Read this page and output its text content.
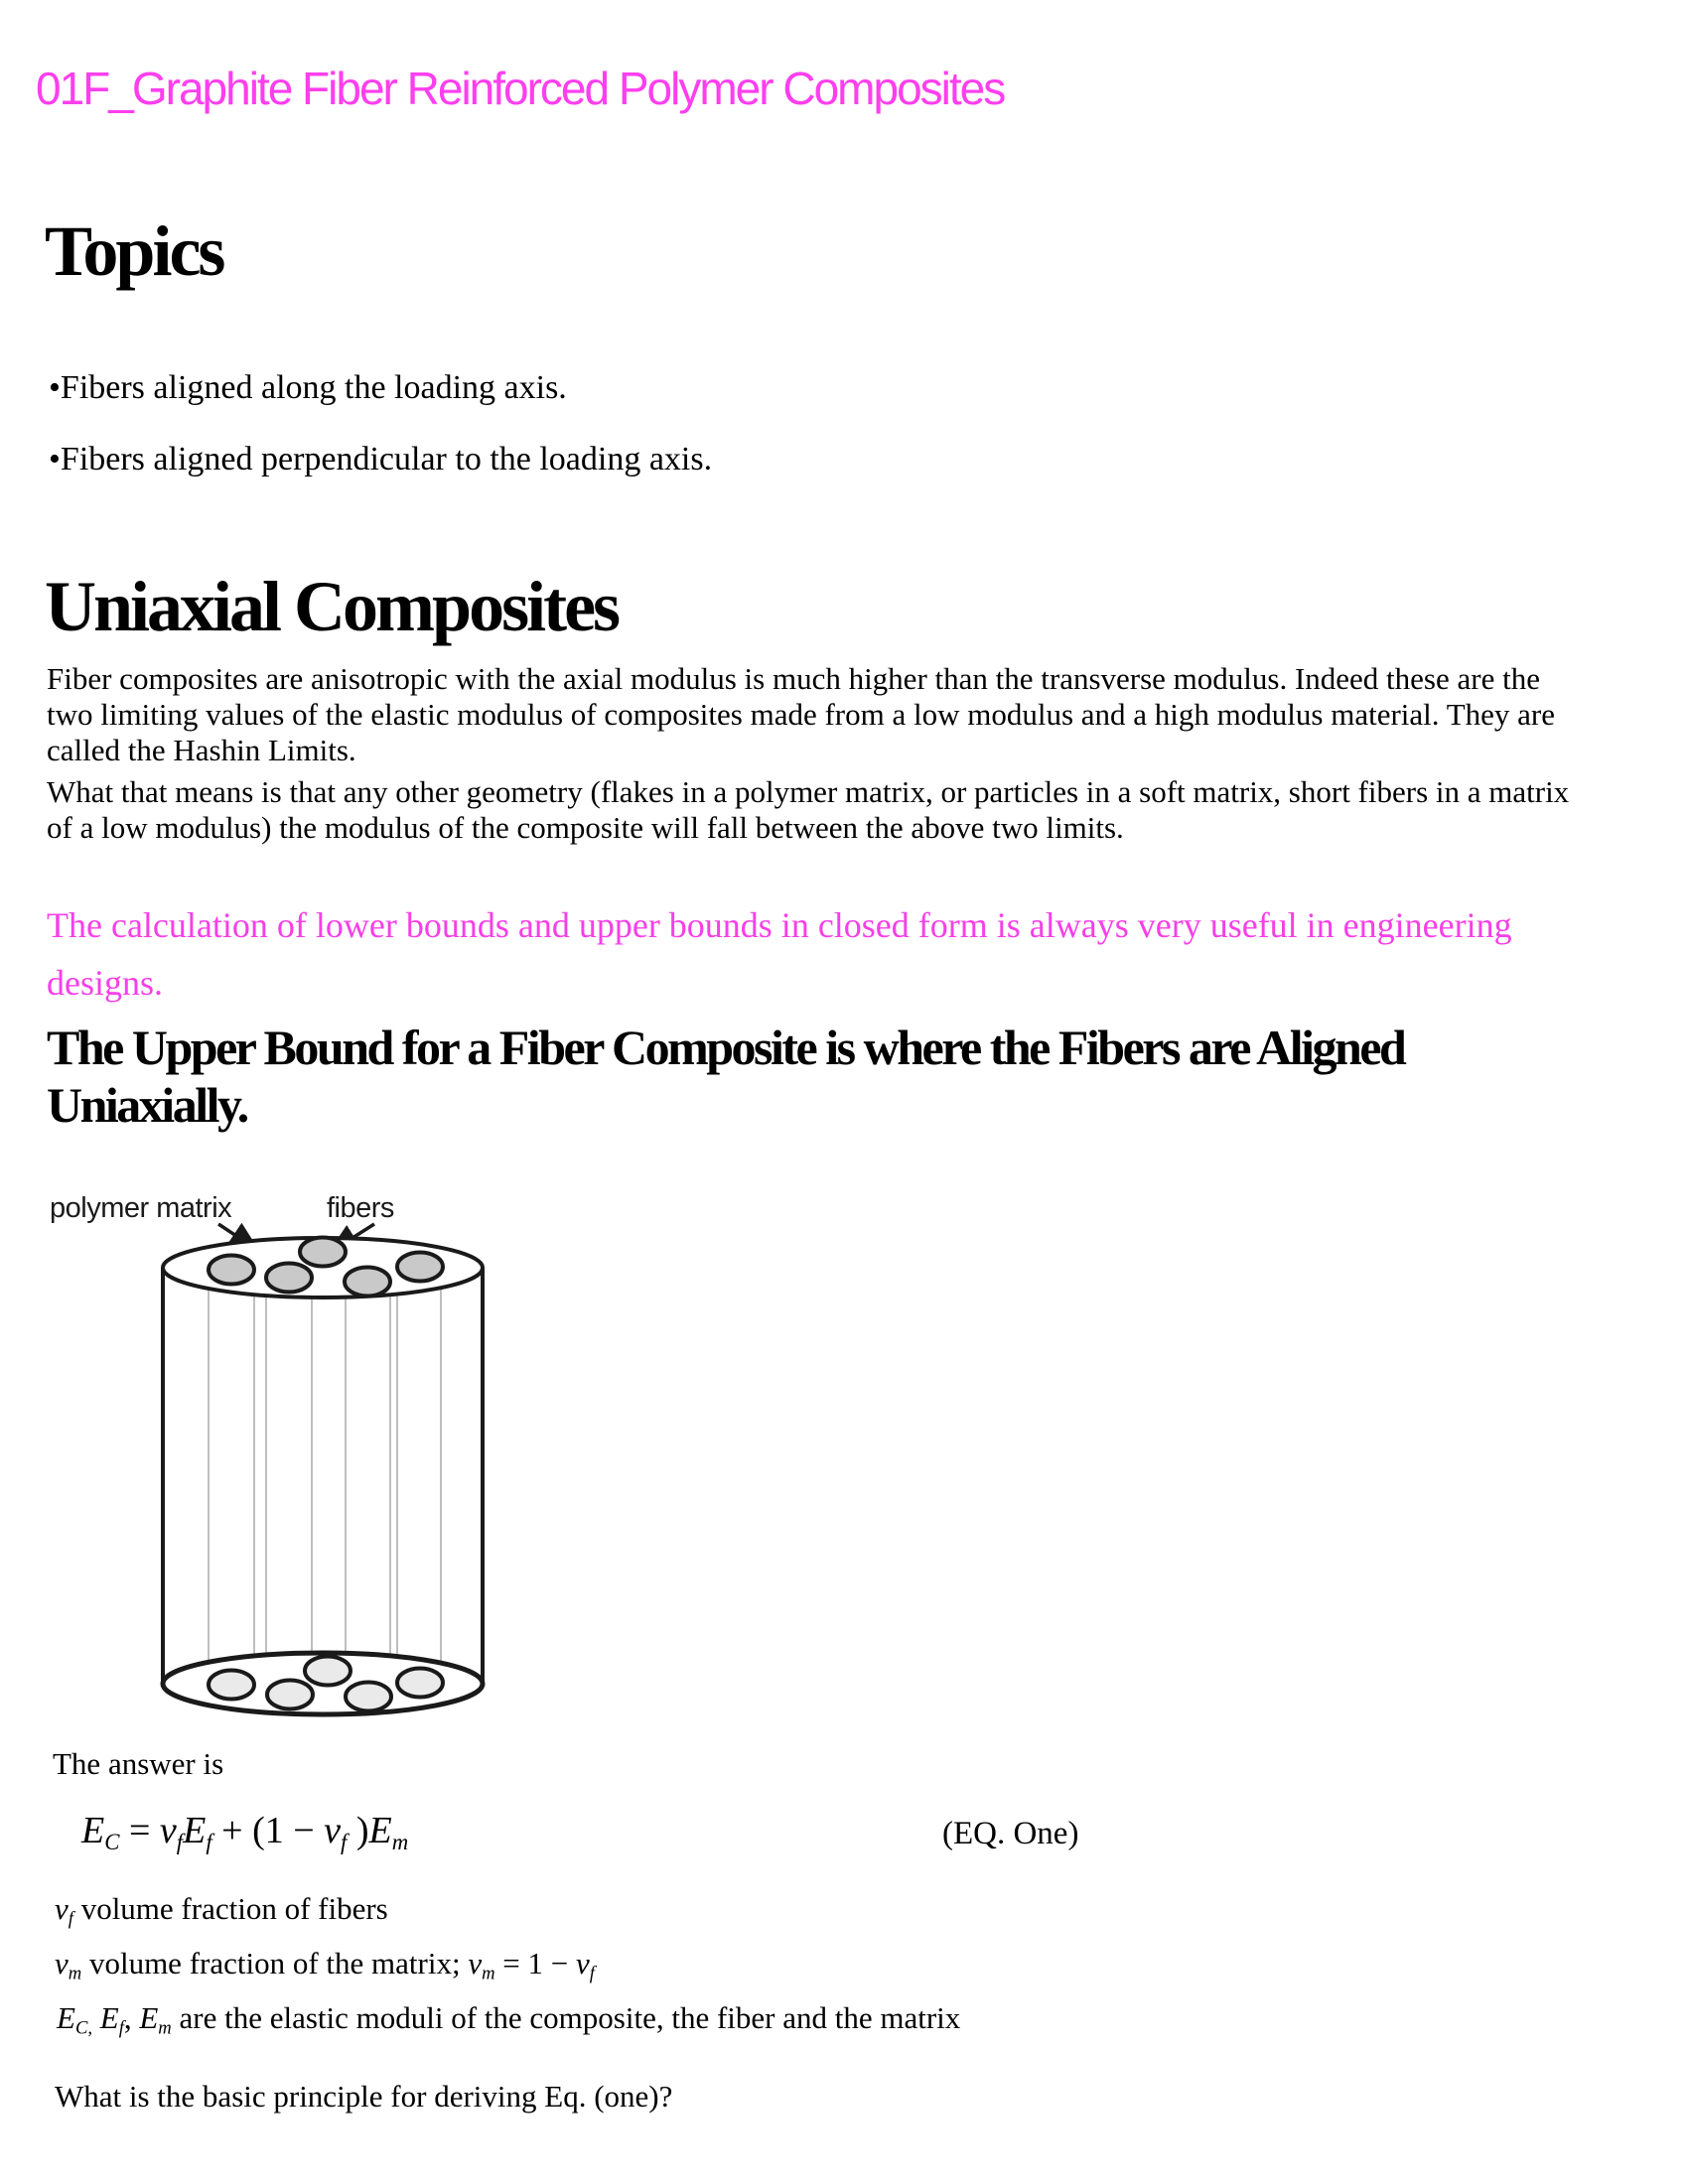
01F_Graphite Fiber Reinforced Polymer Composites
Topics
•Fibers aligned along the loading axis.
•Fibers aligned perpendicular to the loading axis.
Uniaxial Composites
Fiber composites are anisotropic with the axial modulus is much higher than the transverse modulus. Indeed these are the
two limiting values of the elastic modulus of composites made from a low modulus and a high modulus material. They are
called the Hashin Limits.
What that means is that any other geometry (flakes in a polymer matrix, or particles in a soft matrix, short fibers in a matrix
of a low modulus) the modulus of the composite will fall between the above two limits.
The calculation of lower bounds and upper bounds in closed form is always very useful in engineering
designs.
The Upper Bound for a Fiber Composite is where the Fibers are Aligned
Uniaxially.
polymer matrix	fibers
The answer is
EC = vfEf + (1 − vf )Em	(EQ. One)
vf volume fraction of fibers
vm volume fraction of the matrix; vm = 1 − vf
EC, Ef, Em are the elastic moduli of the composite, the fiber and the matrix
What is the basic principle for deriving Eq. (one)?
